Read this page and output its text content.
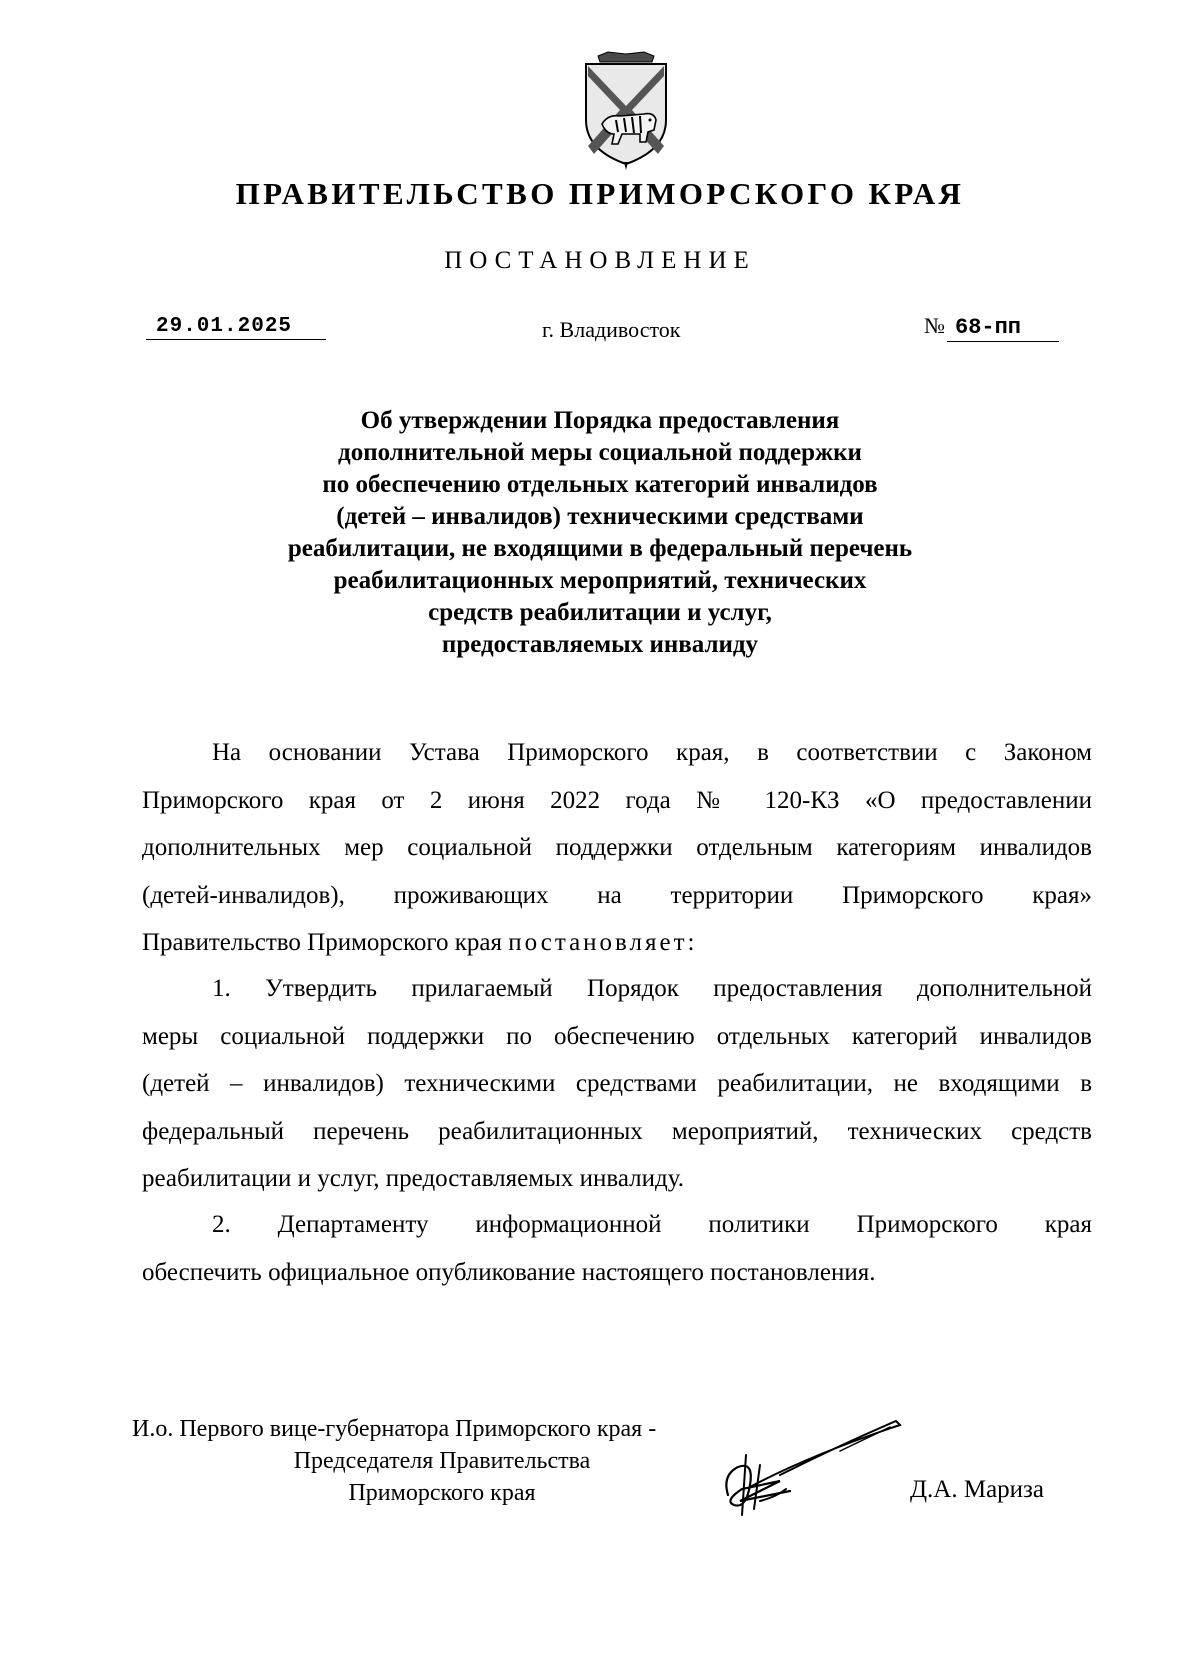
ПРАВИТЕЛЬСТВО ПРИМОРСКОГО КРАЯ
ПОСТАНОВЛЕНИЕ
29.01.2025	г. Владивосток	№ 68-пп
Об утверждении Порядка предоставления
дополнительной меры социальной поддержки
по обеспечению отдельных категорий инвалидов
(детей – инвалидов) техническими средствами
реабилитации, не входящими в федеральный перечень
реабилитационных мероприятий, технических
средств реабилитации и услуг,
предоставляемых инвалиду
На основании Устава Приморского края, в соответствии с Законом
Приморского края от 2 июня 2022 года № 120-КЗ «О предоставлении
дополнительных мер социальной поддержки отдельным категориям инвалидов
(детей-инвалидов), проживающих на территории Приморского края»
Правительство Приморского края постановляет:
1. Утвердить прилагаемый Порядок предоставления дополнительной
меры социальной поддержки по обеспечению отдельных категорий инвалидов
(детей – инвалидов) техническими средствами реабилитации, не входящими в
федеральный перечень реабилитационных мероприятий, технических средств
реабилитации и услуг, предоставляемых инвалиду.
2. Департаменту информационной политики Приморского края
обеспечить официальное опубликование настоящего постановления.
И.о. Первого вице-губернатора Приморского края -
Председателя Правительства
Приморского края	Д.А. Мариза
